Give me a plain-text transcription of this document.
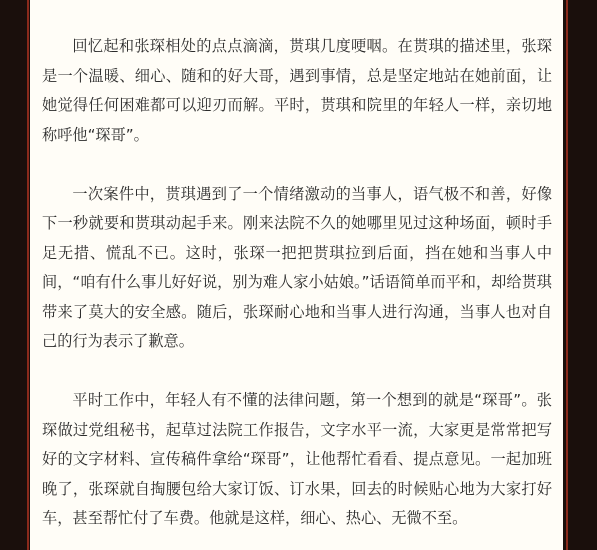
回忆起和张琛相处的点点滴滴，贳琪几度哽咽。在贳琪的描述里，张琛是一个温暖、细心、随和的好大哥，遇到事情，总是坚定地站在她前面，让她觉得任何困难都可以迎刃而解。平时，贳琪和院里的年轻人一样，亲切地称呼他“琛哥”。

一次案件中，贳琪遇到了一个情绪激动的当事人，语气极不和善，好像下一秒就要和贳琪动起手来。刚来法院不久的她哪里见过这种场面，顿时手足无措、慌乱不已。这时，张琛一把把贳琪拉到后面，挡在她和当事人中间，“咱有什么事儿好好说，别为难人家小姑娘。”话语简单而平和，却给贳琪带来了莫大的安全感。随后，张琛耐心地和当事人进行沟通，当事人也对自己的行为表示了歉意。

平时工作中，年轻人有不懂的法律问题，第一个想到的就是“琛哥”。张琛做过党组秘书，起草过法院工作报告，文字水平一流，大家更是常常把写好的文字材料、宣传稿件拿给“琛哥”，让他帮忙看看、提点意见。一起加班晚了，张琛就自掏腰包给大家订饭、订水果，回去的时候贴心地为大家打好车，甚至帮忙付了车费。他就是这样，细心、热心、无微不至。
